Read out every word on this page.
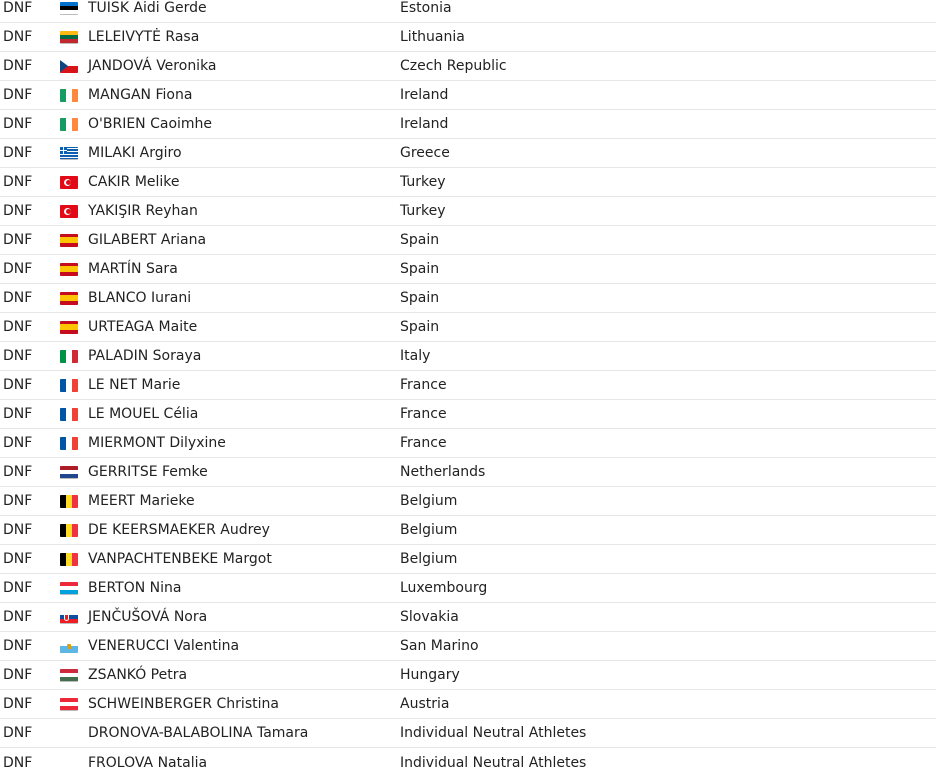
DNF	TUISK Aidi Gerde	Estonia
DNF	LELEIVYTĖ Rasa	Lithuania
DNF	JANDOVÁ Veronika	Czech Republic
DNF	MANGAN Fiona	Ireland
DNF	O'BRIEN Caoimhe	Ireland
DNF	MILAKI Argiro	Greece
DNF	CAKIR Melike	Turkey
DNF	YAKIŞIR Reyhan	Turkey
DNF	GILABERT Ariana	Spain
DNF	MARTÍN Sara	Spain
DNF	BLANCO Iurani	Spain
DNF	URTEAGA Maite	Spain
DNF	PALADIN Soraya	Italy
DNF	LE NET Marie	France
DNF	LE MOUEL Célia	France
DNF	MIERMONT Dilyxine	France
DNF	GERRITSE Femke	Netherlands
DNF	MEERT Marieke	Belgium
DNF	DE KEERSMAEKER Audrey	Belgium
DNF	VANPACHTENBEKE Margot	Belgium
DNF	BERTON Nina	Luxembourg
DNF	JENČUŠOVÁ Nora	Slovakia
DNF	VENERUCCI Valentina	San Marino
DNF	ZSANKÓ Petra	Hungary
DNF	SCHWEINBERGER Christina	Austria
DNF	DRONOVA-BALABOLINA Tamara	Individual Neutral Athletes
DNF	FROLOVA Natalia	Individual Neutral Athletes
